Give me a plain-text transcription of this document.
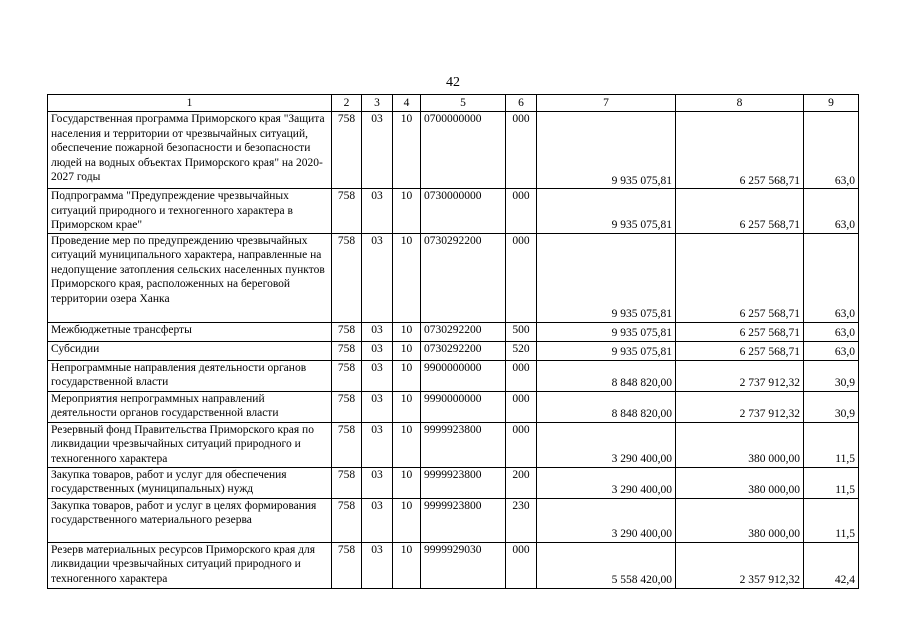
42
1	2	3	4	5	6	7	8	9
Государственная программа Приморского края "Защита населения и территории от чрезвычайных ситуаций, обеспечение пожарной безопасности и безопасности людей на водных объектах Приморского края" на 2020-2027 годы	758	03	10	0700000000	000	9 935 075,81	6 257 568,71	63,0
Подпрограмма "Предупреждение чрезвычайных ситуаций природного и техногенного характера в Приморском крае"	758	03	10	0730000000	000	9 935 075,81	6 257 568,71	63,0
Проведение мер по предупреждению чрезвычайных ситуаций муниципального характера, направленные на недопущение затопления сельских населенных пунктов Приморского края, расположенных на береговой территории озера Ханка	758	03	10	0730292200	000	9 935 075,81	6 257 568,71	63,0
Межбюджетные трансферты	758	03	10	0730292200	500	9 935 075,81	6 257 568,71	63,0
Субсидии	758	03	10	0730292200	520	9 935 075,81	6 257 568,71	63,0
Непрограммные направления деятельности органов государственной власти	758	03	10	9900000000	000	8 848 820,00	2 737 912,32	30,9
Мероприятия непрограммных направлений деятельности органов государственной власти	758	03	10	9990000000	000	8 848 820,00	2 737 912,32	30,9
Резервный фонд Правительства Приморского края по ликвидации чрезвычайных ситуаций природного и техногенного характера	758	03	10	9999923800	000	3 290 400,00	380 000,00	11,5
Закупка товаров, работ и услуг для обеспечения государственных (муниципальных) нужд	758	03	10	9999923800	200	3 290 400,00	380 000,00	11,5
Закупка товаров, работ и услуг в целях формирования государственного материального резерва	758	03	10	9999923800	230	3 290 400,00	380 000,00	11,5
Резерв материальных ресурсов Приморского края для ликвидации чрезвычайных ситуаций природного и техногенного характера	758	03	10	9999929030	000	5 558 420,00	2 357 912,32	42,4
